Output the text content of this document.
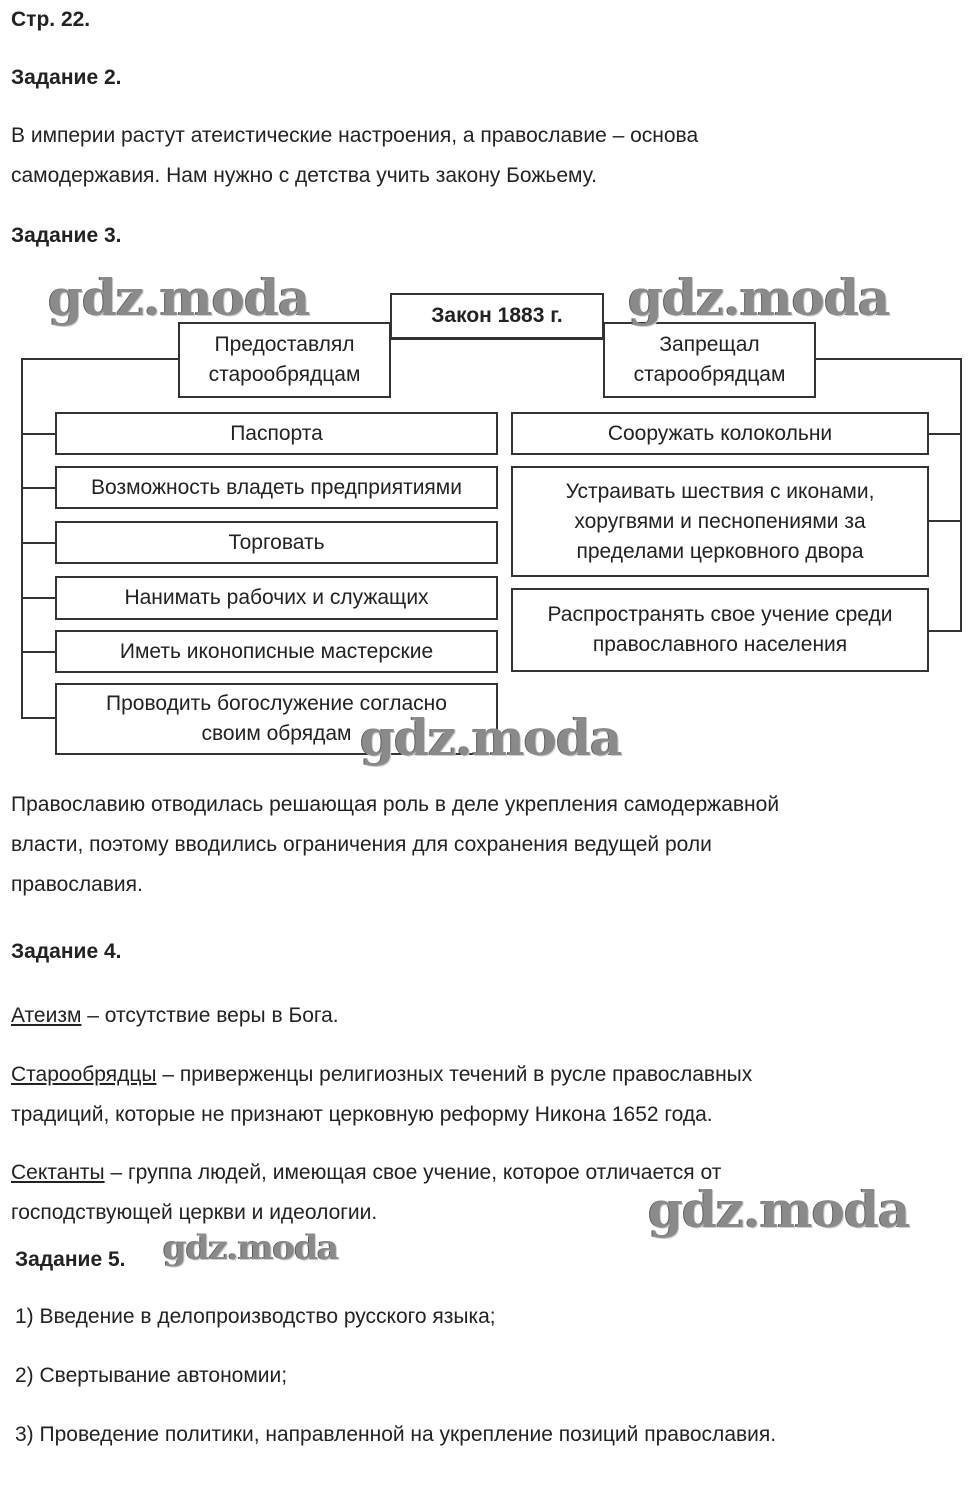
Стр. 22.
Задание 2.
В империи растут атеистические настроения, а православие – основа
самодержавия. Нам нужно с детства учить закону Божьему.
Задание 3.
Предоставлял
старообрядцам
Запрещал
старообрядцам
Закон 1883 г.
Паспорта
Возможность владеть предприятиями
Торговать
Нанимать рабочих и служащих
Иметь иконописные мастерские
Проводить богослужение согласно
своим обрядам
Сооружать колокольни
Устраивать шествия с иконами,
хоругвями и песнопениями за
пределами церковного двора
Распространять свое учение среди
православного населения
Православию отводилась решающая роль в деле укрепления самодержавной
власти, поэтому вводились ограничения для сохранения ведущей роли
православия.
Задание 4.
Атеизм – отсутствие веры в Бога.
Старообрядцы – приверженцы религиозных течений в русле православных
традиций, которые не признают церковную реформу Никона 1652 года.
Сектанты – группа людей, имеющая свое учение, которое отличается от
господствующей церкви и идеологии.
Задание 5.
1) Введение в делопроизводство русского языка;
2) Свертывание автономии;
3) Проведение политики, направленной на укрепление позиций православия.
gdz.moda	gdz.moda
gdz.moda
gdz.moda
gdz.moda
